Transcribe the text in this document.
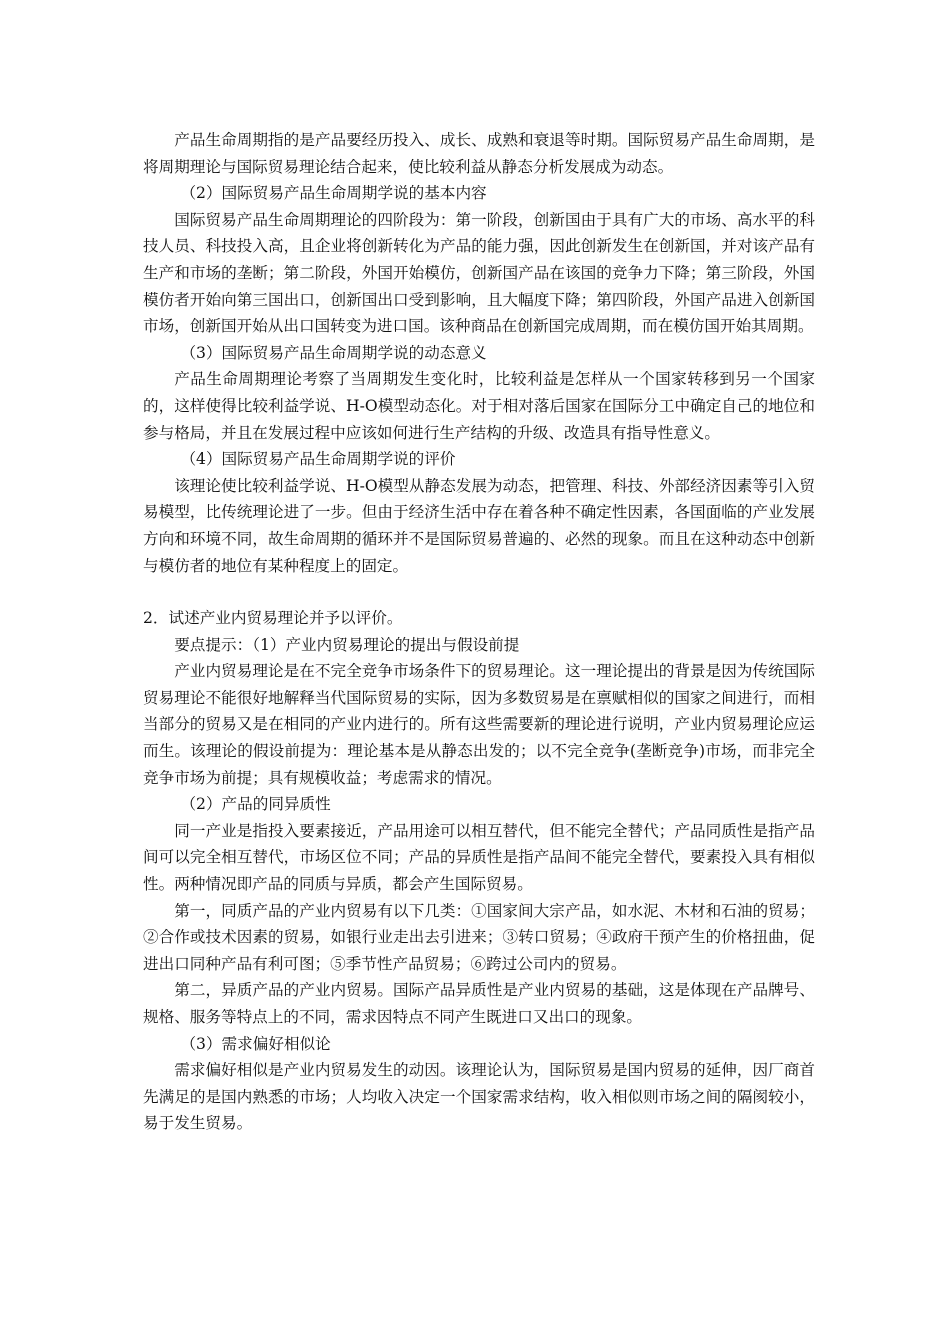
产品生命周期指的是产品要经历投入、成长、成熟和衰退等时期。国际贸易产品生命周期，是将周期理论与国际贸易理论结合起来，使比较利益从静态分析发展成为动态。

（2）国际贸易产品生命周期学说的基本内容

国际贸易产品生命周期理论的四阶段为：第一阶段，创新国由于具有广大的市场、高水平的科技人员、科技投入高，且企业将创新转化为产品的能力强，因此创新发生在创新国，并对该产品有生产和市场的垄断；第二阶段，外国开始模仿，创新国产品在该国的竞争力下降；第三阶段，外国模仿者开始向第三国出口，创新国出口受到影响，且大幅度下降；第四阶段，外国产品进入创新国市场，创新国开始从出口国转变为进口国。该种商品在创新国完成周期，而在模仿国开始其周期。

（3）国际贸易产品生命周期学说的动态意义

产品生命周期理论考察了当周期发生变化时，比较利益是怎样从一个国家转移到另一个国家的，这样使得比较利益学说、H-O模型动态化。对于相对落后国家在国际分工中确定自己的地位和参与格局，并且在发展过程中应该如何进行生产结构的升级、改造具有指导性意义。

（4）国际贸易产品生命周期学说的评价

该理论使比较利益学说、H-O模型从静态发展为动态，把管理、科技、外部经济因素等引入贸易模型，比传统理论进了一步。但由于经济生活中存在着各种不确定性因素，各国面临的产业发展方向和环境不同，故生命周期的循环并不是国际贸易普遍的、必然的现象。而且在这种动态中创新与模仿者的地位有某种程度上的固定。

2．试述产业内贸易理论并予以评价。

要点提示：（1）产业内贸易理论的提出与假设前提

产业内贸易理论是在不完全竞争市场条件下的贸易理论。这一理论提出的背景是因为传统国际贸易理论不能很好地解释当代国际贸易的实际，因为多数贸易是在禀赋相似的国家之间进行，而相当部分的贸易又是在相同的产业内进行的。所有这些需要新的理论进行说明，产业内贸易理论应运而生。该理论的假设前提为：理论基本是从静态出发的；以不完全竞争(垄断竞争)市场，而非完全竞争市场为前提；具有规模收益；考虑需求的情况。

（2）产品的同异质性

同一产业是指投入要素接近，产品用途可以相互替代，但不能完全替代；产品同质性是指产品间可以完全相互替代，市场区位不同；产品的异质性是指产品间不能完全替代，要素投入具有相似性。两种情况即产品的同质与异质，都会产生国际贸易。

第一，同质产品的产业内贸易有以下几类：①国家间大宗产品，如水泥、木材和石油的贸易；②合作或技术因素的贸易，如银行业走出去引进来；③转口贸易；④政府干预产生的价格扭曲，促进出口同种产品有利可图；⑤季节性产品贸易；⑥跨过公司内的贸易。

第二，异质产品的产业内贸易。国际产品异质性是产业内贸易的基础，这是体现在产品牌号、规格、服务等特点上的不同，需求因特点不同产生既进口又出口的现象。

（3）需求偏好相似论

需求偏好相似是产业内贸易发生的动因。该理论认为，国际贸易是国内贸易的延伸，因厂商首先满足的是国内熟悉的市场；人均收入决定一个国家需求结构，收入相似则市场之间的隔阂较小，易于发生贸易。
